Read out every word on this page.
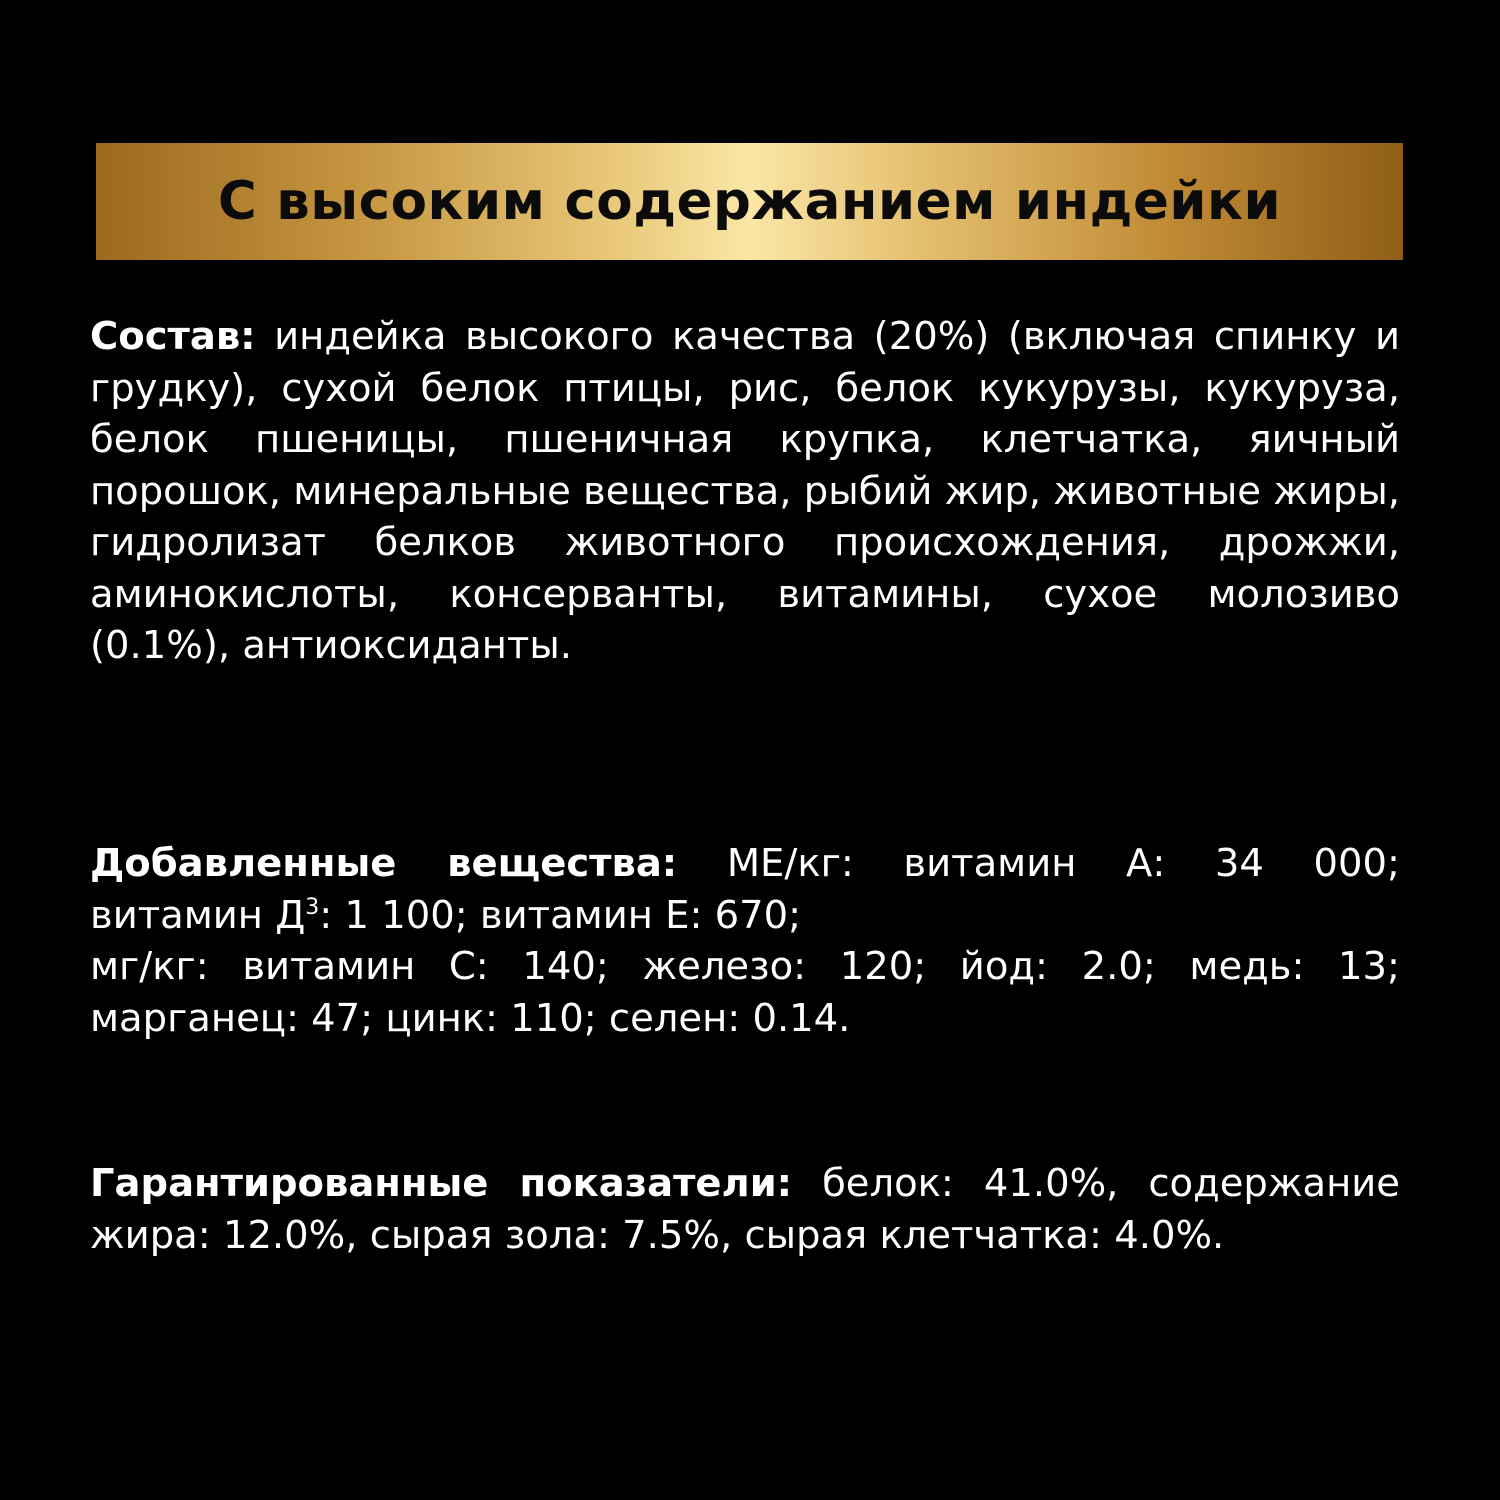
С высоким содержанием индейки
Состав: индейка высокого качества (20%) (включая спинку и грудку), сухой белок птицы, рис, белок кукурузы, кукуруза, белок пшеницы, пшеничная крупка, клетчатка, яичный порошок, минеральные вещества, рыбий жир, животные жиры, гидролизат белков животного происхождения, дрожжи, аминокислоты, консерванты, витамины, сухое молозиво (0.1%), антиоксиданты.
Добавленные вещества: МЕ/кг: витамин А: 34 000;
витамин $Д^3$: 1 100; витамин Е: 670;
мг/кг: витамин С: 140; железо: 120; йод: 2.0; медь: 13;
марганец: 47; цинк: 110; селен: 0.14.
Гарантированные показатели: белок: 41.0%, содержание
жира: 12.0%, сырая зола: 7.5%, сырая клетчатка: 4.0%.
